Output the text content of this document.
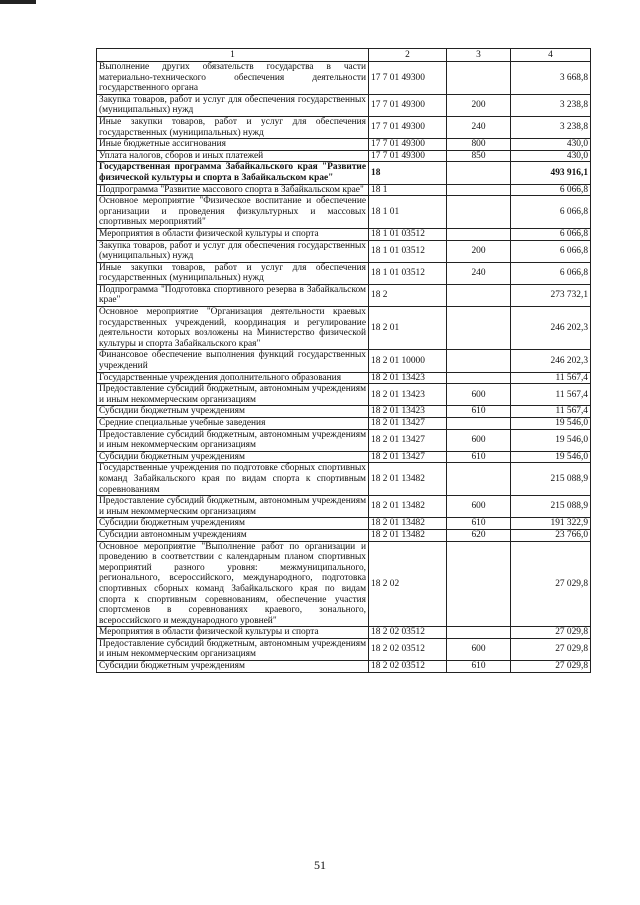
1	2	3	4
Выполнение других обязательств государства в части материально-технического обеспечения деятельности государственного органа	17 7 01 49300		3 668,8
Закупка товаров, работ и услуг для обеспечения государственных (муниципальных) нужд	17 7 01 49300	200	3 238,8
Иные закупки товаров, работ и услуг для обеспечения государственных (муниципальных) нужд	17 7 01 49300	240	3 238,8
Иные бюджетные ассигнования	17 7 01 49300	800	430,0
Уплата налогов, сборов и иных платежей	17 7 01 49300	850	430,0
Государственная программа Забайкальского края "Развитие физической культуры и спорта в Забайкальском крае"	18		493 916,1
Подпрограмма "Развитие массового спорта в Забайкальском крае"	18 1		6 066,8
Основное мероприятие "Физическое воспитание и обеспечение организации и проведения физкультурных и массовых спортивных мероприятий"	18 1 01		6 066,8
Мероприятия в области физической культуры и спорта	18 1 01 03512		6 066,8
Закупка товаров, работ и услуг для обеспечения государственных (муниципальных) нужд	18 1 01 03512	200	6 066,8
Иные закупки товаров, работ и услуг для обеспечения государственных (муниципальных) нужд	18 1 01 03512	240	6 066,8
Подпрограмма "Подготовка спортивного резерва в Забайкальском крае"	18 2		273 732,1
Основное мероприятие "Организация деятельности краевых государственных учреждений, координация и регулирование деятельности которых возложены на Министерство физической культуры и спорта Забайкальского края"	18 2 01		246 202,3
Финансовое обеспечение выполнения функций государственных учреждений	18 2 01 10000		246 202,3
Государственные учреждения дополнительного образования	18 2 01 13423		11 567,4
Предоставление субсидий бюджетным, автономным учреждениям и иным некоммерческим организациям	18 2 01 13423	600	11 567,4
Субсидии бюджетным учреждениям	18 2 01 13423	610	11 567,4
Средние специальные учебные заведения	18 2 01 13427		19 546,0
Предоставление субсидий бюджетным, автономным учреждениям и иным некоммерческим организациям	18 2 01 13427	600	19 546,0
Субсидии бюджетным учреждениям	18 2 01 13427	610	19 546,0
Государственные учреждения по подготовке сборных спортивных команд Забайкальского края по видам спорта к спортивным соревнованиям	18 2 01 13482		215 088,9
Предоставление субсидий бюджетным, автономным учреждениям и иным некоммерческим организациям	18 2 01 13482	600	215 088,9
Субсидии бюджетным учреждениям	18 2 01 13482	610	191 322,9
Субсидии автономным учреждениям	18 2 01 13482	620	23 766,0
Основное мероприятие "Выполнение работ по организации и проведению в соответствии с календарным планом спортивных мероприятий разного уровня: межмуниципального, регионального, всероссийского, международного, подготовка спортивных сборных команд Забайкальского края по видам спорта к спортивным соревнованиям, обеспечение участия спортсменов в соревнованиях краевого, зонального, всероссийского и международного уровней"	18 2 02		27 029,8
Мероприятия в области физической культуры и спорта	18 2 02 03512		27 029,8
Предоставление субсидий бюджетным, автономным учреждениям и иным некоммерческим организациям	18 2 02 03512	600	27 029,8
Субсидии бюджетным учреждениям	18 2 02 03512	610	27 029,8
51
